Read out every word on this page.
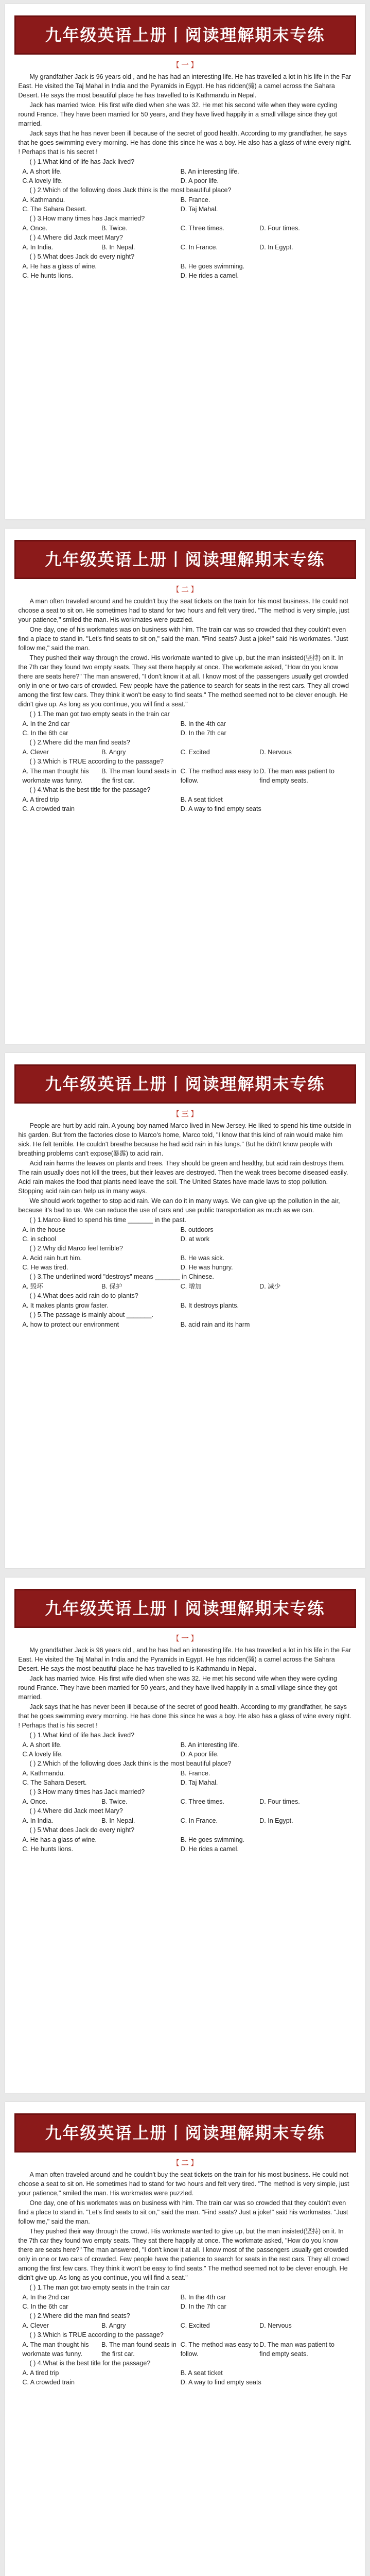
九年级英语上册丨阅读理解期末专练
【 一 】

My grandfather Jack is 96 years old , and he has had an interesting life. He has travelled a lot in his life in the Far East. He visited the Taj Mahal in India and the Pyramids in Egypt. He has ridden(骑) a camel across the Sahara Desert. He says the most beautiful place he has travelled to is Kathmandu in Nepal.

Jack has married twice. His first wife died when she was 32. He met his second wife when they were cycling round France. They have been married for 50 years, and they have lived happily in a small village since they got married.

Jack says that he has never been ill because of the secret of good health. According to my grandfather, he says that he goes swimming every morning. He has done this since he was a boy. He also has a glass of wine every night. ! Perhaps that is his secret !

( ) 1.What kind of life has Jack lived?

A. A short life.	B. An interesting life.
C.A lovely life.	D. A poor life.

( ) 2.Which of the following does Jack think is the most beautiful place?

A. Kathmandu.	B. France.
C. The Sahara Desert.	D. Taj Mahal.

( ) 3.How many times has Jack married?

A. Once.	B. Twice.	C. Three times.	D. Four times.

( ) 4.Where did Jack meet Mary?

A. In India.	B. In Nepal.	C. In France.	D. In Egypt.

( ) 5.What does Jack do every night?

A. He has a glass of wine.	B. He goes swimming.
C. He hunts lions.	D. He rides a camel.
九年级英语上册丨阅读理解期末专练
【 二 】

A man often traveled around and he couldn't buy the seat tickets on the train for his most business. He could not choose a seat to sit on. He sometimes had to stand for two hours and felt very tired. "The method is very simple, just your patience," smiled the man. His workmates were puzzled.

One day, one of his workmates was on business with him. The train car was so crowded that they couldn't even find a place to stand in. "Let's find seats to sit on," said the man. "Find seats? Just a joke!" said his workmates. "Just follow me," said the man.

They pushed their way through the crowd. His workmate wanted to give up, but the man insisted(坚持) on it. In the 7th car they found two empty seats. They sat there happily at once. The workmate asked, "How do you know there are seats here?" The man answered, "I don't know it at all. I know most of the passengers usually get crowded only in one or two cars of crowded. Few people have the patience to search for seats in the rest cars. They all crowd among the first few cars. They think it won't be easy to find seats." The method seemed not to be clever enough. He didn't give up. As long as you continue, you will find a seat."

( ) 1.The man got two empty seats in the train car

A. In the 2nd car	B. In the 4th car
C. In the 6th car	D. In the 7th car

( ) 2.Where did the man find seats?

A. Clever	B. Angry	C. Excited	D. Nervous

( ) 3.Which is TRUE according to the passage?

A. The man thought his workmate was funny.
B. The man found seats in the first car.
C. The method was easy to follow.
D. The man was patient to find empty seats.

( ) 4.What is the best title for the passage?

A. A tired trip	B. A seat ticket
C. A crowded train	D. A way to find empty seats
九年级英语上册丨阅读理解期末专练
【 三 】

People are hurt by acid rain. A young boy named Marco lived in New Jersey. He liked to spend his time outside in his garden. But from the factories close to Marco's home, Marco told, "I know that this kind of rain would make him sick. He felt terrible. He couldn't breathe because he had acid rain in his lungs." But he didn't know people with breathing problems can't expose(暴露) to acid rain.

Acid rain harms the leaves on plants and trees. They should be green and healthy, but acid rain destroys them. The rain usually does not kill the trees, but their leaves are destroyed. Then the weak trees become diseased easily. Acid rain makes the food that plants need leave the soil. The United States have made laws to stop pollution. Stopping acid rain can help us in many ways.

We should work together to stop acid rain. We can do it in many ways. We can give up the pollution in the air, because it's bad to us. We can reduce the use of cars and use public transportation as much as we can.

( ) 1.Marco liked to spend his time _______ in the past.

A. in the house	B. outdoors
C. in school	D. at work

( ) 2.Why did Marco feel terrible?

A. Acid rain hurt him.	B. He was sick.
C. He was tired.	D. He was hungry.

( ) 3.The underlined word "destroys" means _______ in Chinese.

A. 毁坏	B. 保护	C. 增加	D. 减少

( ) 4.What does acid rain do to plants?

A. It makes plants grow faster.	B. It destroys plants.

( ) 5.The passage is mainly about _______.

A. how to protect our environment	B. acid rain and its harm
九年级英语上册丨阅读理解期末专练
【 一 】

My grandfather Jack is 96 years old , and he has had an interesting life. He has travelled a lot in his life in the Far East. He visited the Taj Mahal in India and the Pyramids in Egypt. He has ridden(骑) a camel across the Sahara Desert. He says the most beautiful place he has travelled to is Kathmandu in Nepal.

Jack has married twice. His first wife died when she was 32. He met his second wife when they were cycling round France. They have been married for 50 years, and they have lived happily in a small village since they got married.

Jack says that he has never been ill because of the secret of good health. According to my grandfather, he says that he goes swimming every morning. He has done this since he was a boy. He also has a glass of wine every night. ! Perhaps that is his secret !

( ) 1.What kind of life has Jack lived?

A. A short life.	B. An interesting life.
C.A lovely life.	D. A poor life.

( ) 2.Which of the following does Jack think is the most beautiful place?

A. Kathmandu.	B. France.
C. The Sahara Desert.	D. Taj Mahal.

( ) 3.How many times has Jack married?

A. Once.	B. Twice.	C. Three times.	D. Four times.

( ) 4.Where did Jack meet Mary?

A. In India.	B. In Nepal.	C. In France.	D. In Egypt.

( ) 5.What does Jack do every night?

A. He has a glass of wine.	B. He goes swimming.
C. He hunts lions.	D. He rides a camel.
九年级英语上册丨阅读理解期末专练
【 二 】

A man often traveled around and he couldn't buy the seat tickets on the train for his most business. He could not choose a seat to sit on. He sometimes had to stand for two hours and felt very tired. "The method is very simple, just your patience," smiled the man. His workmates were puzzled.

One day, one of his workmates was on business with him. The train car was so crowded that they couldn't even find a place to stand in. "Let's find seats to sit on," said the man. "Find seats? Just a joke!" said his workmates. "Just follow me," said the man.

They pushed their way through the crowd. His workmate wanted to give up, but the man insisted(坚持) on it. In the 7th car they found two empty seats. They sat there happily at once. The workmate asked, "How do you know there are seats here?" The man answered, "I don't know it at all. I know most of the passengers usually get crowded only in one or two cars of crowded. Few people have the patience to search for seats in the rest cars. They all crowd among the first few cars. They think it won't be easy to find seats." The method seemed not to be clever enough. He didn't give up. As long as you continue, you will find a seat."

( ) 1.The man got two empty seats in the train car

A. In the 2nd car	B. In the 4th car
C. In the 6th car	D. In the 7th car

( ) 2.Where did the man find seats?

A. Clever	B. Angry	C. Excited	D. Nervous

( ) 3.Which is TRUE according to the passage?

A. The man thought his workmate was funny.
B. The man found seats in the first car.
C. The method was easy to follow.
D. The man was patient to find empty seats.

( ) 4.What is the best title for the passage?

A. A tired trip	B. A seat ticket
C. A crowded train	D. A way to find empty seats
